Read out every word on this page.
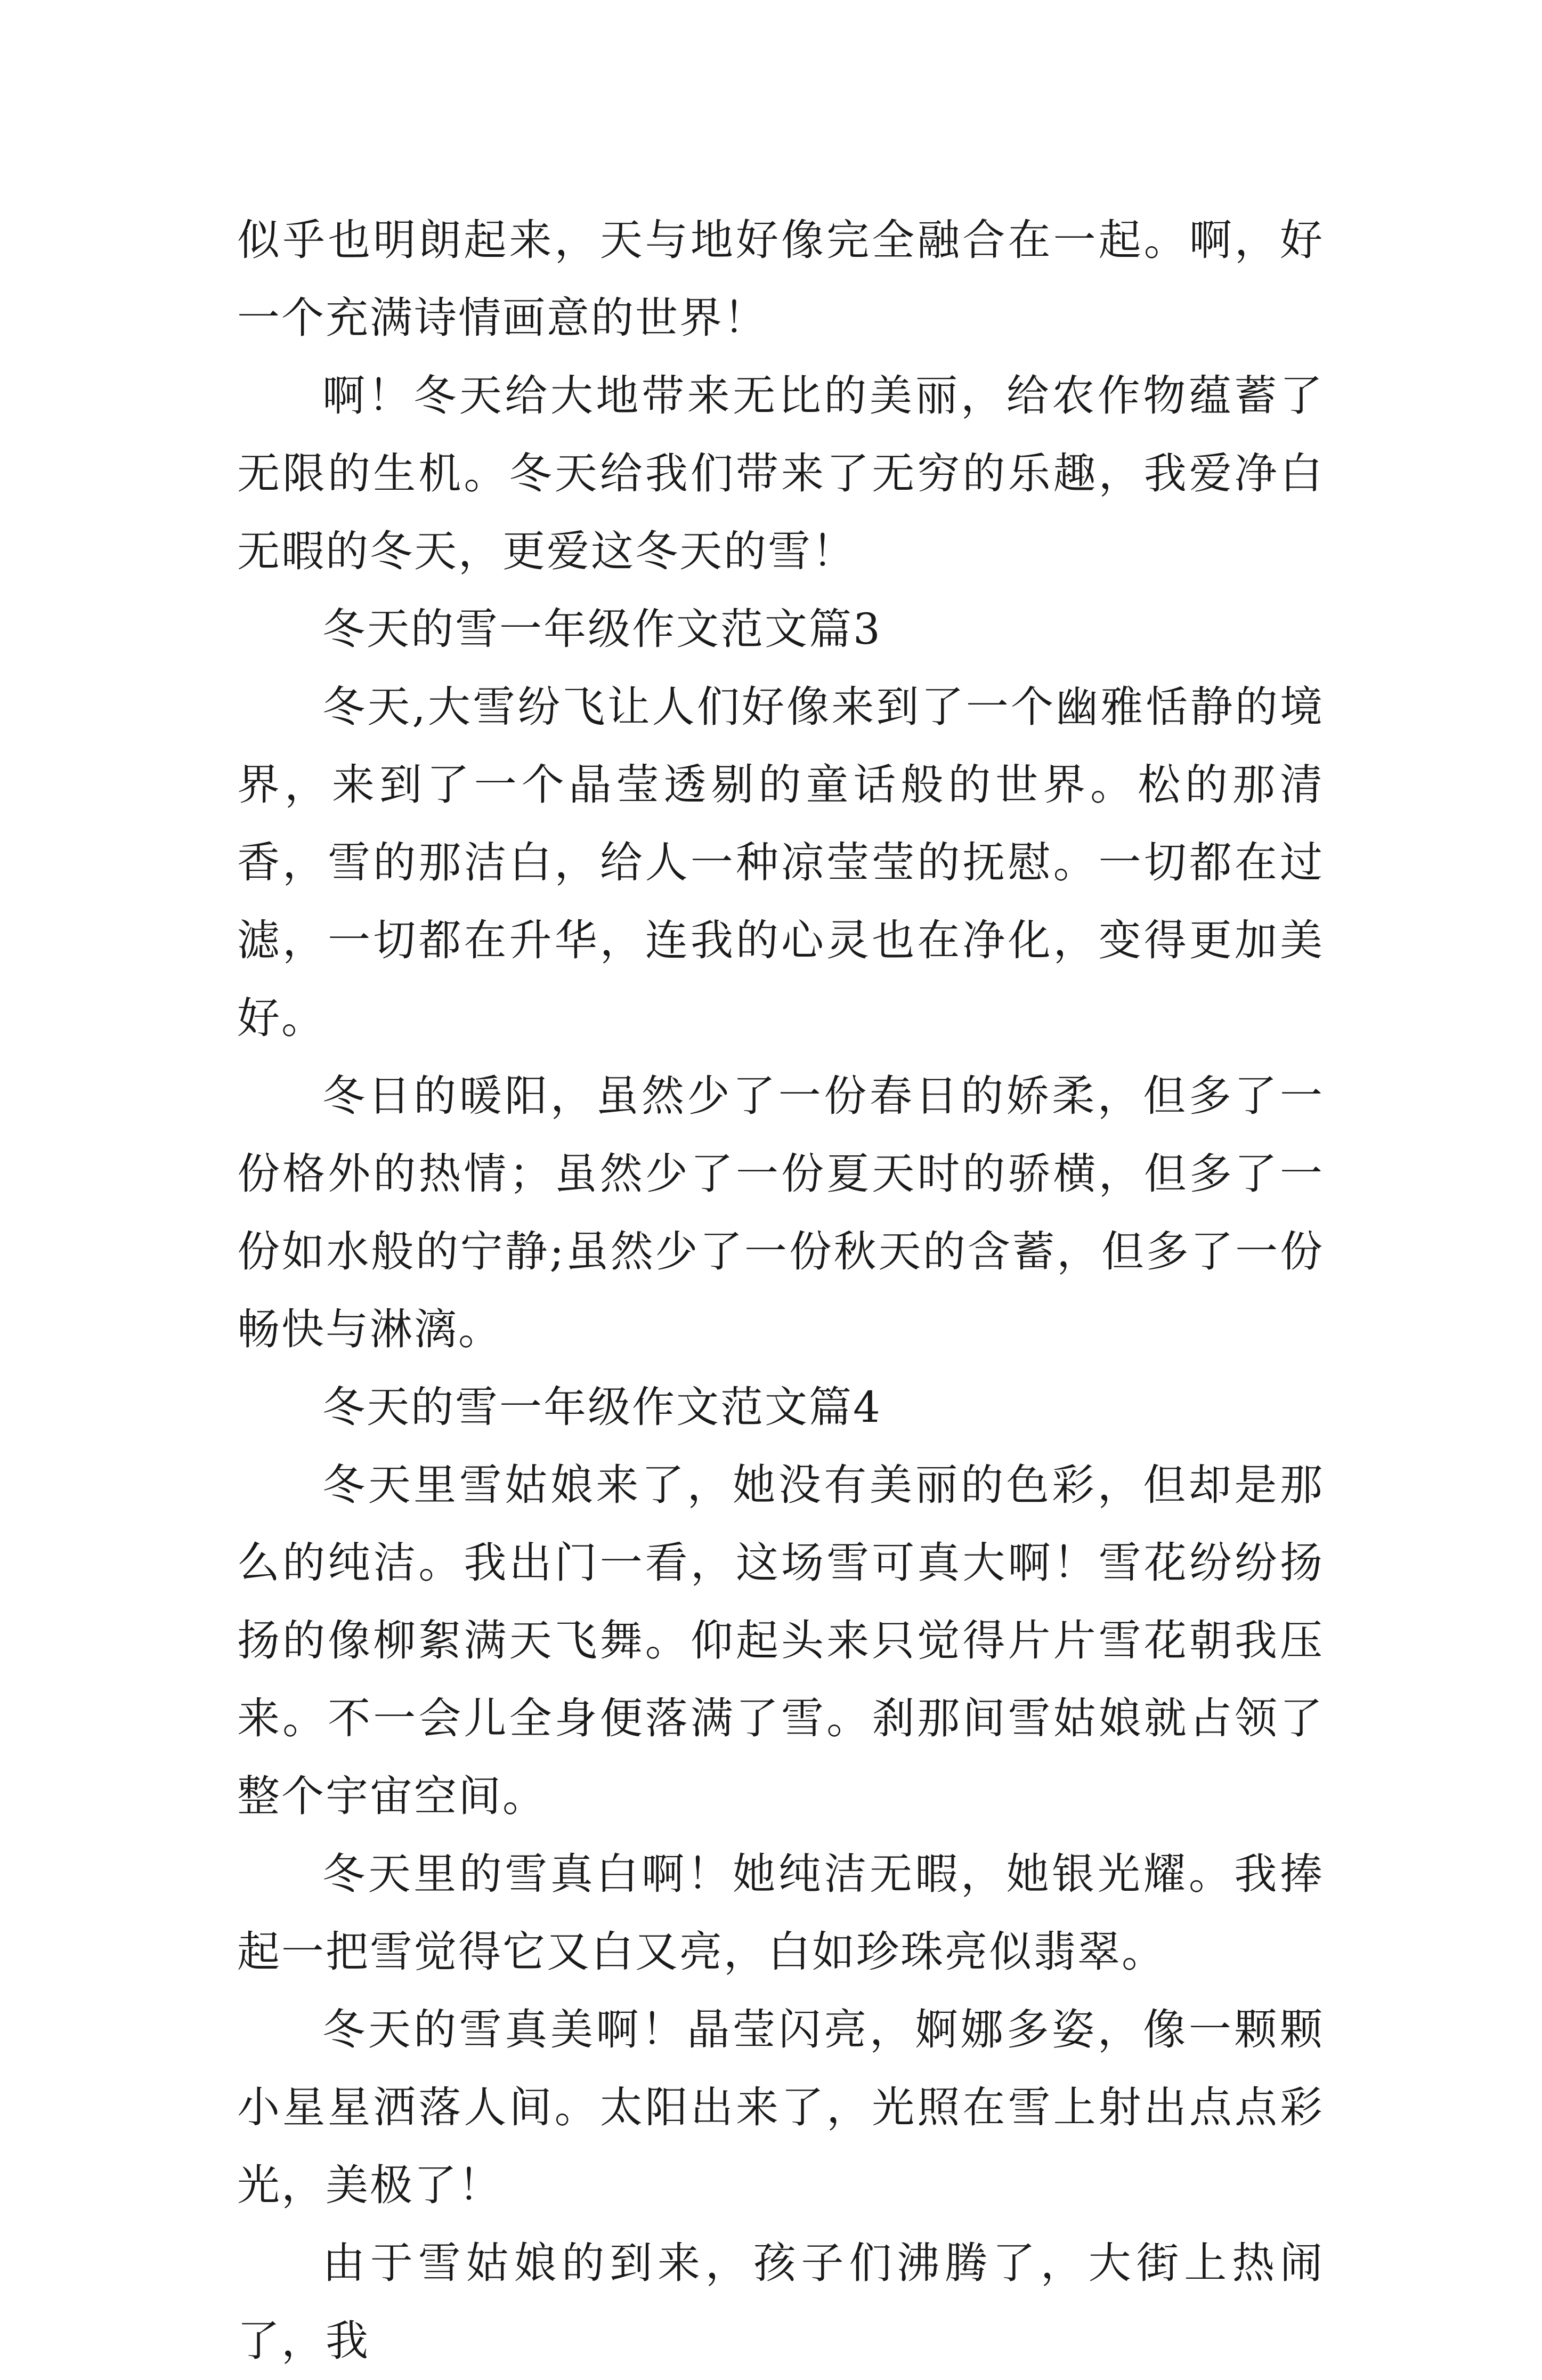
似乎也明朗起来，天与地好像完全融合在一起。啊，好一个充满诗情画意的世界！

啊！冬天给大地带来无比的美丽，给农作物蕴蓄了无限的生机。冬天给我们带来了无穷的乐趣，我爱净白无暇的冬天，更爱这冬天的雪！

冬天的雪一年级作文范文篇3

冬天,大雪纷飞让人们好像来到了一个幽雅恬静的境界，来到了一个晶莹透剔的童话般的世界。松的那清香，雪的那洁白，给人一种凉莹莹的抚慰。一切都在过滤，一切都在升华，连我的心灵也在净化，变得更加美好。

冬日的暖阳，虽然少了一份春日的娇柔，但多了一份格外的热情；虽然少了一份夏天时的骄横，但多了一份如水般的宁静;虽然少了一份秋天的含蓄，但多了一份畅快与淋漓。

冬天的雪一年级作文范文篇4

冬天里雪姑娘来了，她没有美丽的色彩，但却是那么的纯洁。我出门一看，这场雪可真大啊！雪花纷纷扬扬的像柳絮满天飞舞。仰起头来只觉得片片雪花朝我压来。不一会儿全身便落满了雪。刹那间雪姑娘就占领了整个宇宙空间。

冬天里的雪真白啊！她纯洁无暇，她银光耀。我捧起一把雪觉得它又白又亮，白如珍珠亮似翡翠。

冬天的雪真美啊！晶莹闪亮，婀娜多姿，像一颗颗小星星洒落人间。太阳出来了，光照在雪上射出点点彩光，美极了！

由于雪姑娘的到来，孩子们沸腾了，大街上热闹了，我
